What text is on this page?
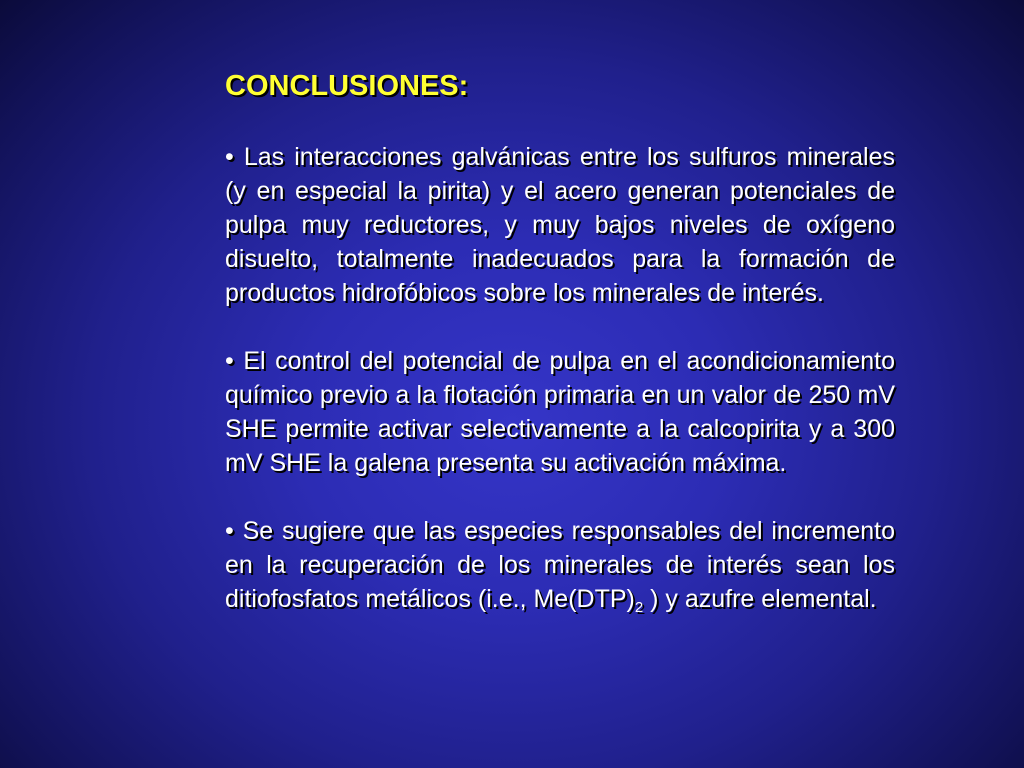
CONCLUSIONES:

• Las interacciones galvánicas entre los sulfuros minerales (y en especial la pirita) y el acero generan potenciales de pulpa muy reductores, y muy bajos niveles de oxígeno disuelto, totalmente inadecuados para la formación de productos hidrofóbicos sobre los minerales de interés.

• El control del potencial de pulpa en el acondicionamiento químico previo a la flotación primaria en un valor de 250 mV SHE permite activar selectivamente a la calcopirita y a 300 mV SHE la galena presenta su activación máxima.

• Se sugiere que las especies responsables del incremento en la recuperación de los minerales de interés sean los ditiofosfatos metálicos (i.e., $Me(DTP)_2$ ) y azufre elemental.
